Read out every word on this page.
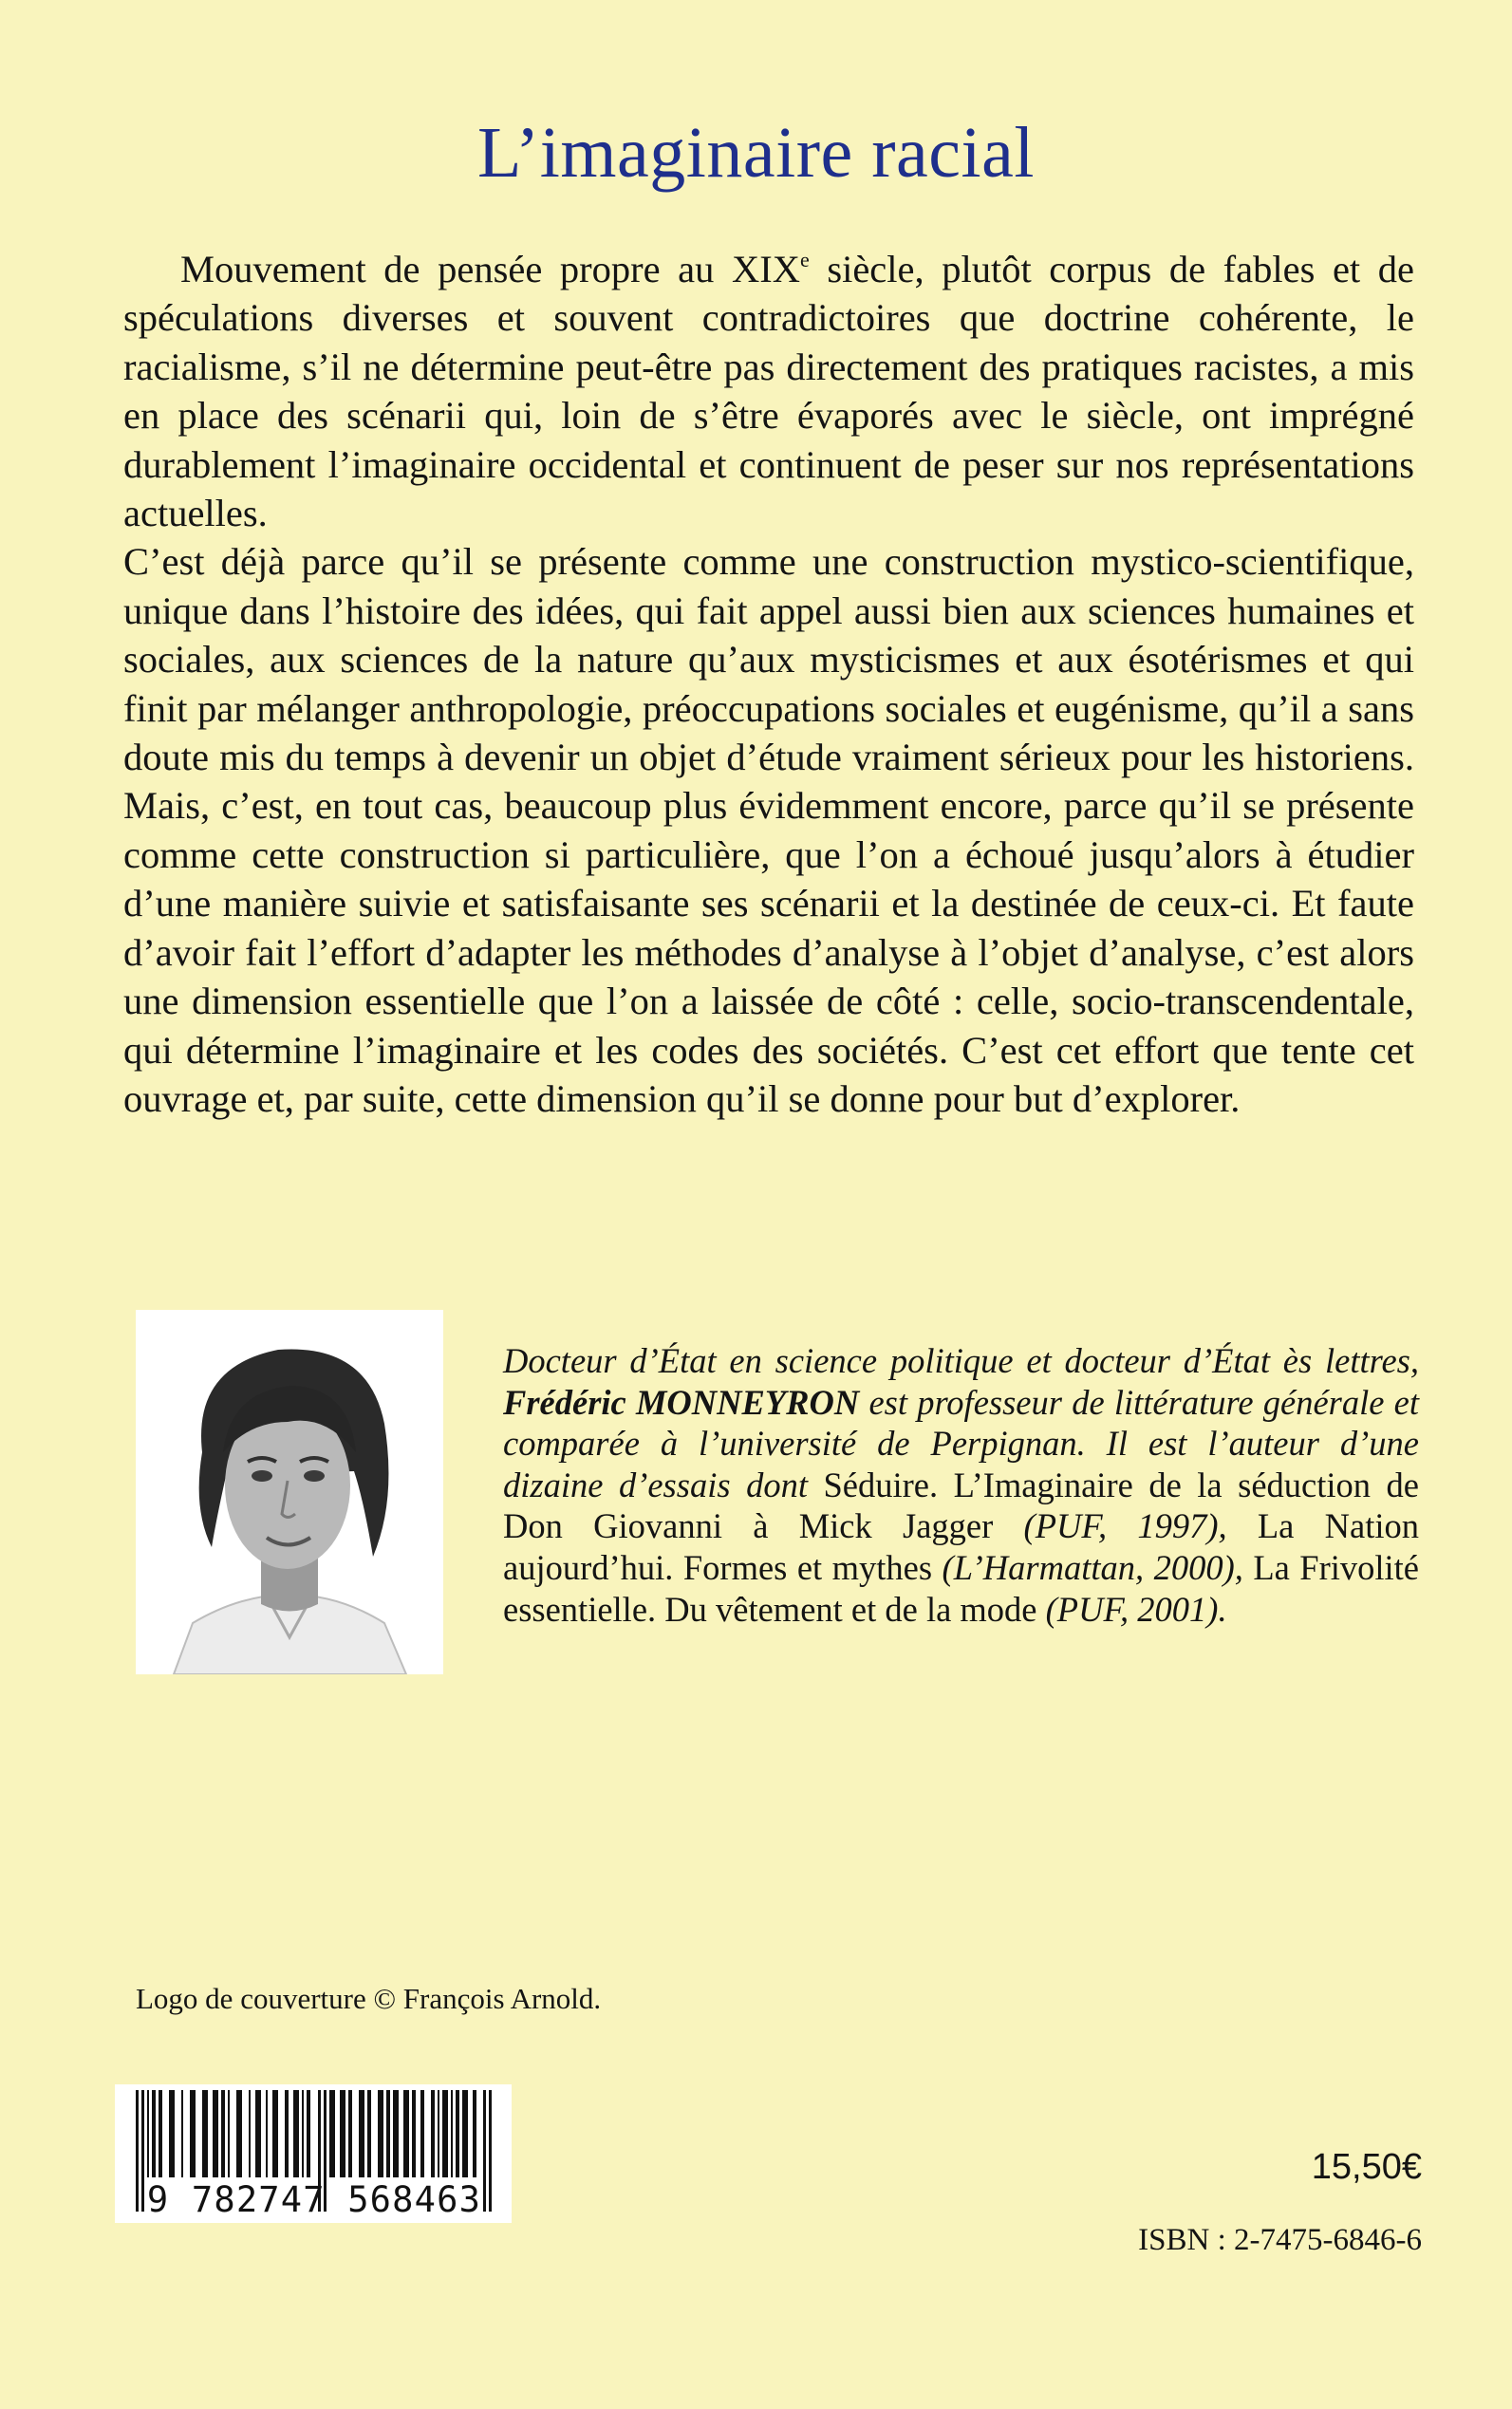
L’imaginaire racial

Mouvement de pensée propre au XIXe siècle, plutôt corpus de fables et de spéculations diverses et souvent contradictoires que doctrine cohérente, le racialisme, s’il ne détermine peut-être pas directement des pratiques racistes, a mis en place des scénarii qui, loin de s’être évaporés avec le siècle, ont imprégné durablement l’imaginaire occidental et continuent de peser sur nos représentations actuelles.

C’est déjà parce qu’il se présente comme une construction mystico-scientifique, unique dans l’histoire des idées, qui fait appel aussi bien aux sciences humaines et sociales, aux sciences de la nature qu’aux mysticismes et aux ésotérismes et qui finit par mélanger anthropologie, préoccupations sociales et eugénisme, qu’il a sans doute mis du temps à devenir un objet d’étude vraiment sérieux pour les historiens. Mais, c’est, en tout cas, beaucoup plus évidemment encore, parce qu’il se présente comme cette construction si particulière, que l’on a échoué jusqu’alors à étudier d’une manière suivie et satisfaisante ses scénarii et la destinée de ceux-ci. Et faute d’avoir fait l’effort d’adapter les méthodes d’analyse à l’objet d’analyse, c’est alors une dimension essentielle que l’on a laissée de côté : celle, socio-transcendentale, qui détermine l’imaginaire et les codes des sociétés. C’est cet effort que tente cet ouvrage et, par suite, cette dimension qu’il se donne pour but d’explorer.

Docteur d’État en science politique et docteur d’État ès lettres, Frédéric MONNEYRON est professeur de littérature générale et comparée à l’université de Perpignan. Il est l’auteur d’une dizaine d’essais dont Séduire. L’Imaginaire de la séduction de Don Giovanni à Mick Jagger (PUF, 1997), La Nation aujourd’hui. Formes et mythes (L’Harmattan, 2000), La Frivolité essentielle. Du vêtement et de la mode (PUF, 2001).
Logo de couverture © François Arnold.
9 782747 568463
15,50€
ISBN : 2-7475-6846-6
